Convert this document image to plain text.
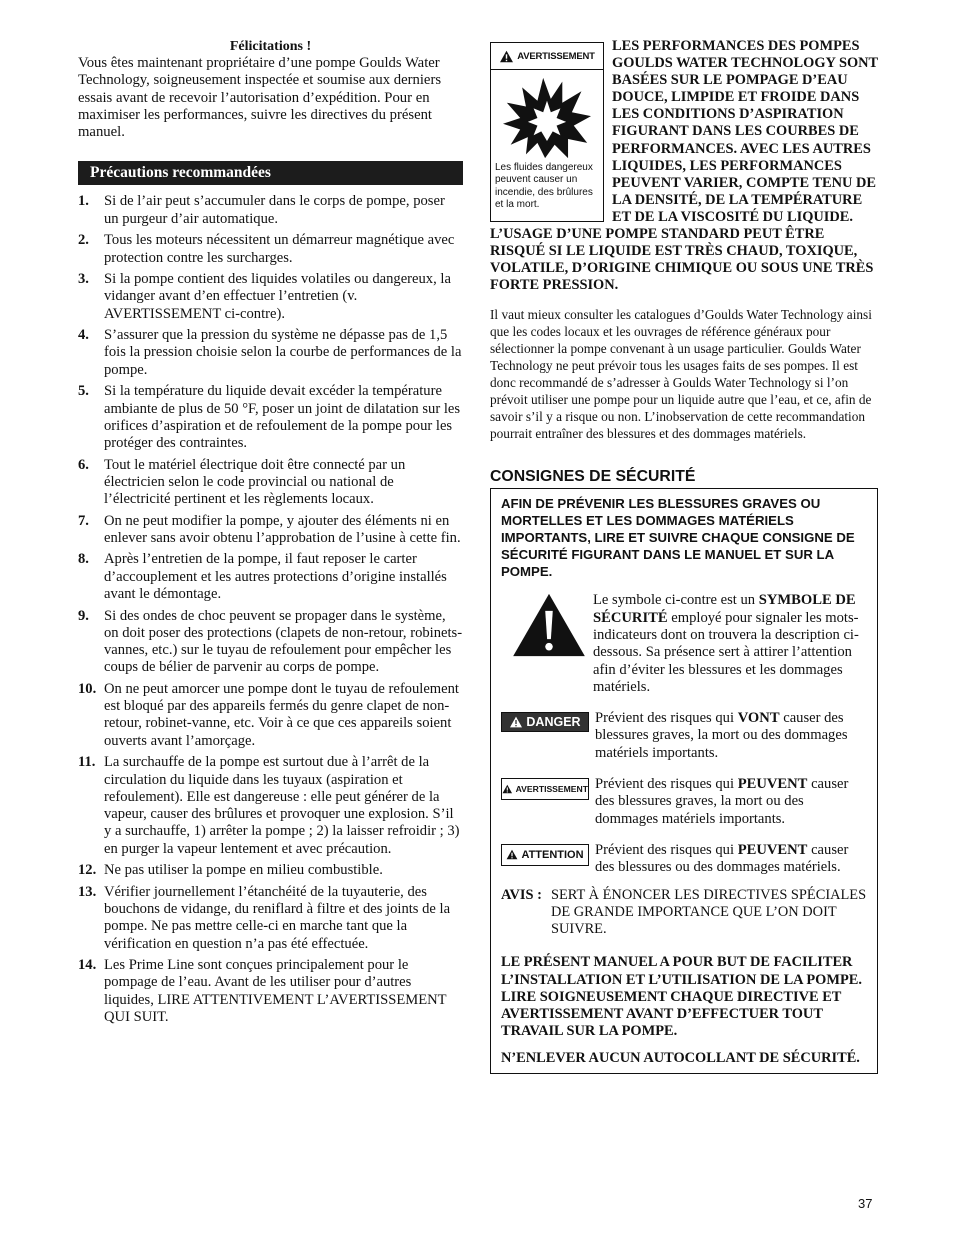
Félicitations !

Vous êtes maintenant propriétaire d’une pompe Goulds Water Technology, soigneusement inspectée et soumise aux derniers essais avant de recevoir l’autorisation d’expédition. Pour en maximiser les performances, suivre les directives du présent manuel.

Précautions recommandées
1. Si de l’air peut s’accumuler dans le corps de pompe, poser un purgeur d’air automatique.
2. Tous les moteurs nécessitent un démarreur magnétique avec protection contre les surcharges.
3. Si la pompe contient des liquides volatiles ou dangereux, la vidanger avant d’en effectuer l’entretien (v. AVERTISSEMENT ci-contre).
4. S’assurer que la pression du système ne dépasse pas de 1,5 fois la pression choisie selon la courbe de performances de la pompe.
5. Si la température du liquide devait excéder la température ambiante de plus de 50 °F, poser un joint de dilatation sur les orifices d’aspiration et de refoulement de la pompe pour les protéger des contraintes.
6. Tout le matériel électrique doit être connecté par un électricien selon le code provincial ou national de l’électricité pertinent et les règlements locaux.
7. On ne peut modifier la pompe, y ajouter des éléments ni en enlever sans avoir obtenu l’approbation de l’usine à cette fin.
8. Après l’entretien de la pompe, il faut reposer le carter d’accouplement et les autres protections d’origine installés avant le démontage.
9. Si des ondes de choc peuvent se propager dans le système, on doit poser des protections (clapets de non-retour, robinets-vannes, etc.) sur le tuyau de refoulement pour empêcher les coups de bélier de parvenir au corps de pompe.
10. On ne peut amorcer une pompe dont le tuyau de refoulement est bloqué par des appareils fermés du genre clapet de non-retour, robinet-vanne, etc. Voir à ce que ces appareils soient ouverts avant l’amorçage.
11. La surchauffe de la pompe est surtout due à l’arrêt de la circulation du liquide dans les tuyaux (aspiration et refoulement). Elle est dangereuse : elle peut générer de la vapeur, causer des brûlures et provoquer une explosion. S’il y a surchauffe, 1) arrêter la pompe ; 2) la laisser refroidir ; 3) en purger la vapeur lentement et avec précaution.
12. Ne pas utiliser la pompe en milieu combustible.
13. Vérifier journellement l’étanchéité de la tuyauterie, des bouchons de vidange, du reniflard à filtre et des joints de la pompe. Ne pas mettre celle-ci en marche tant que la vérification en question n’a pas été effectuée.
14. Les Prime Line sont conçues principalement pour le pompage de l’eau. Avant de les utiliser pour d’autres liquides, LIRE ATTENTIVEMENT L’AVERTISSEMENT QUI SUIT.
AVERTISSEMENT
Les fluides dangereux peuvent causer un incendie, des brûlures et la mort.

LES PERFORMANCES DES POMPES GOULDS WATER TECHNOLOGY SONT BASÉES SUR LE POMPAGE D’EAU DOUCE, LIMPIDE ET FROIDE DANS LES CONDITIONS D’ASPIRATION FIGURANT DANS LES COURBES DE PERFORMANCES. AVEC LES AUTRES LIQUIDES, LES PERFORMANCES PEUVENT VARIER, COMPTE TENU DE LA DENSITÉ, DE LA TEMPÉRATURE ET DE LA VISCOSITÉ DU LIQUIDE. L’USAGE D’UNE POMPE STANDARD PEUT ÊTRE RISQUÉ SI LE LIQUIDE EST TRÈS CHAUD, TOXIQUE, VOLATILE, D’ORIGINE CHIMIQUE OU SOUS UNE TRÈS FORTE PRESSION.

Il vaut mieux consulter les catalogues d’Goulds Water Technology ainsi que les codes locaux et les ouvrages de référence généraux pour sélectionner la pompe convenant à un usage particulier. Goulds Water Technology ne peut prévoir tous les usages faits de ses pompes. Il est donc recommandé de s’adresser à Goulds Water Technology si l’on prévoit utiliser une pompe pour un liquide autre que l’eau, et ce, afin de savoir s’il y a risque ou non. L’inobservation de cette recommandation pourrait entraîner des blessures et des dommages matériels.

CONSIGNES DE SÉCURITÉ

AFIN DE PRÉVENIR LES BLESSURES GRAVES OU MORTELLES ET LES DOMMAGES MATÉRIELS IMPORTANTS, LIRE ET SUIVRE CHAQUE CONSIGNE DE SÉCURITÉ FIGURANT DANS LE MANUEL ET SUR LA POMPE.

Le symbole ci-contre est un SYMBOLE DE SÉCURITÉ employé pour signaler les mots-indicateurs dont on trouvera la description ci-dessous. Sa présence sert à attirer l’attention afin d’éviter les blessures et les dommages matériels.

DANGER Prévient des risques qui VONT causer des blessures graves, la mort ou des dommages matériels importants.

AVERTISSEMENT Prévient des risques qui PEUVENT causer des blessures graves, la mort ou des dommages matériels importants.

ATTENTION Prévient des risques qui PEUVENT causer des blessures ou des dommages matériels.

AVIS : SERT À ÉNONCER LES DIRECTIVES SPÉCIALES DE GRANDE IMPORTANCE QUE L’ON DOIT SUIVRE.

LE PRÉSENT MANUEL A POUR BUT DE FACILITER L’INSTALLATION ET L’UTILISATION DE LA POMPE. LIRE SOIGNEUSEMENT CHAQUE DIRECTIVE ET AVERTISSEMENT AVANT D’EFFECTUER TOUT TRAVAIL SUR LA POMPE.

N’ENLEVER AUCUN AUTOCOLLANT DE SÉCURITÉ.

37
